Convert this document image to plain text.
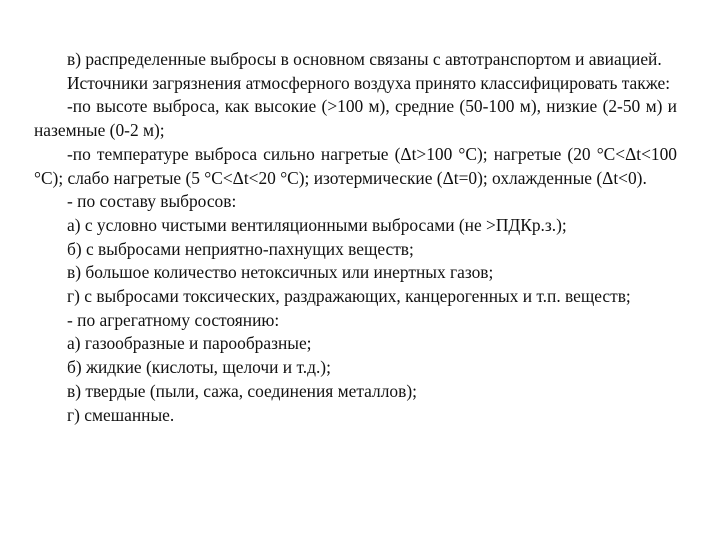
в) распределенные выбросы в основном связаны с автотранспортом и авиацией.

Источники загрязнения атмосферного воздуха принято классифицировать также:

-по высоте выброса, как высокие (>100 м), средние (50-100 м), низкие (2-50 м) и наземные (0-2 м);

-по температуре выброса сильно нагретые (Δt>100 °С); нагретые (20 °С<Δt<100 °С); слабо нагретые (5 °С<Δt<20 °С); изотермические (Δt=0); охлажденные (Δt<0).

- по составу выбросов:

а) с условно чистыми вентиляционными выбросами (не >ПДКр.з.);

б) с выбросами неприятно-пахнущих веществ;

в) большое количество нетоксичных или инертных газов;

г) с выбросами токсических, раздражающих, канцерогенных и т.п. веществ;

- по агрегатному состоянию:

а) газообразные и парообразные;

б) жидкие (кислоты, щелочи и т.д.);

в) твердые (пыли, сажа, соединения металлов);

г) смешанные.
